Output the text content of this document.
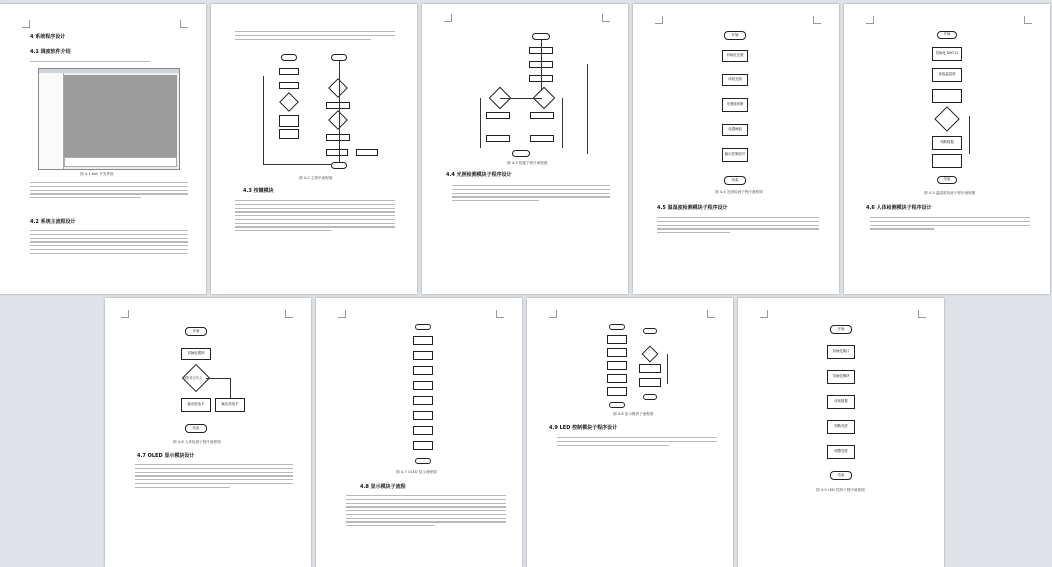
4 系统程序设计
4.1 调度软件介绍
图 4-1 Keil 开发界面
4.2 系统主流程设计
图 4-2 主程序流程图
4.3 按键模块
图 4-3 按键子程序流程图
4.4 光照检测模块子程序设计
开始
初始化光照
读取光照
光照值判断
设置阈值
输出控制信号
结束
图 4-4 光照检测子程序流程图
4.5 温湿度检测模块子程序设计
开始
初始化 DHT11
读取温湿度
判断数据
结束
图 4-5 温湿度检测子程序流程图
4.6 人体检测模块子程序设计
开始
初始化模块
判断是否有人
输出低电平	输出高电平
结束
图 4-6 人体检测子程序流程图
4.7 OLED 显示模块设计
图 4-7 OLED 显示流程图
4.8 显示模块子流程
图 4-8 显示模块子流程图
4.9 LED 控制模块子程序设计
开始
初始化端口
初始化模块
读取数据
判断亮度
调整亮度
结束
图 4-9 LED 控制子程序流程图
